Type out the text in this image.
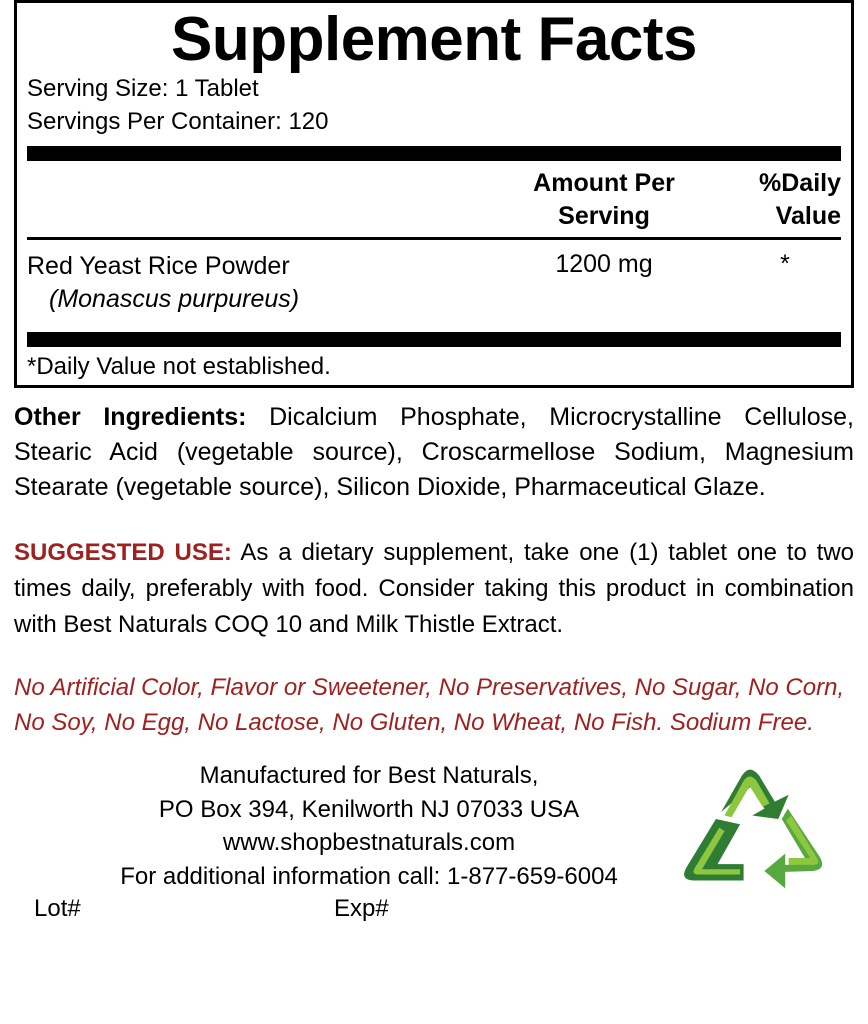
Supplement Facts
Serving Size: 1 Tablet
Servings Per Container: 120
Amount Per
Serving
%Daily
Value
Red Yeast Rice Powder
(Monascus purpureus)
1200 mg	*
*Daily Value not established.
Other Ingredients: Dicalcium Phosphate, Microcrystalline Cellulose, Stearic Acid (vegetable source), Croscarmellose Sodium, Magnesium Stearate (vegetable source), Silicon Dioxide, Pharmaceutical Glaze.
SUGGESTED USE: As a dietary supplement, take one (1) tablet one to two times daily, preferably with food. Consider taking this product in combination with Best Naturals COQ 10 and Milk Thistle Extract.
No Artificial Color, Flavor or Sweetener, No Preservatives, No Sugar, No Corn, No Soy, No Egg, No Lactose, No Gluten, No Wheat, No Fish. Sodium Free.
Manufactured for Best Naturals,
PO Box 394, Kenilworth NJ 07033 USA
www.shopbestnaturals.com
For additional information call: 1-877-659-6004
Lot#	Exp#
